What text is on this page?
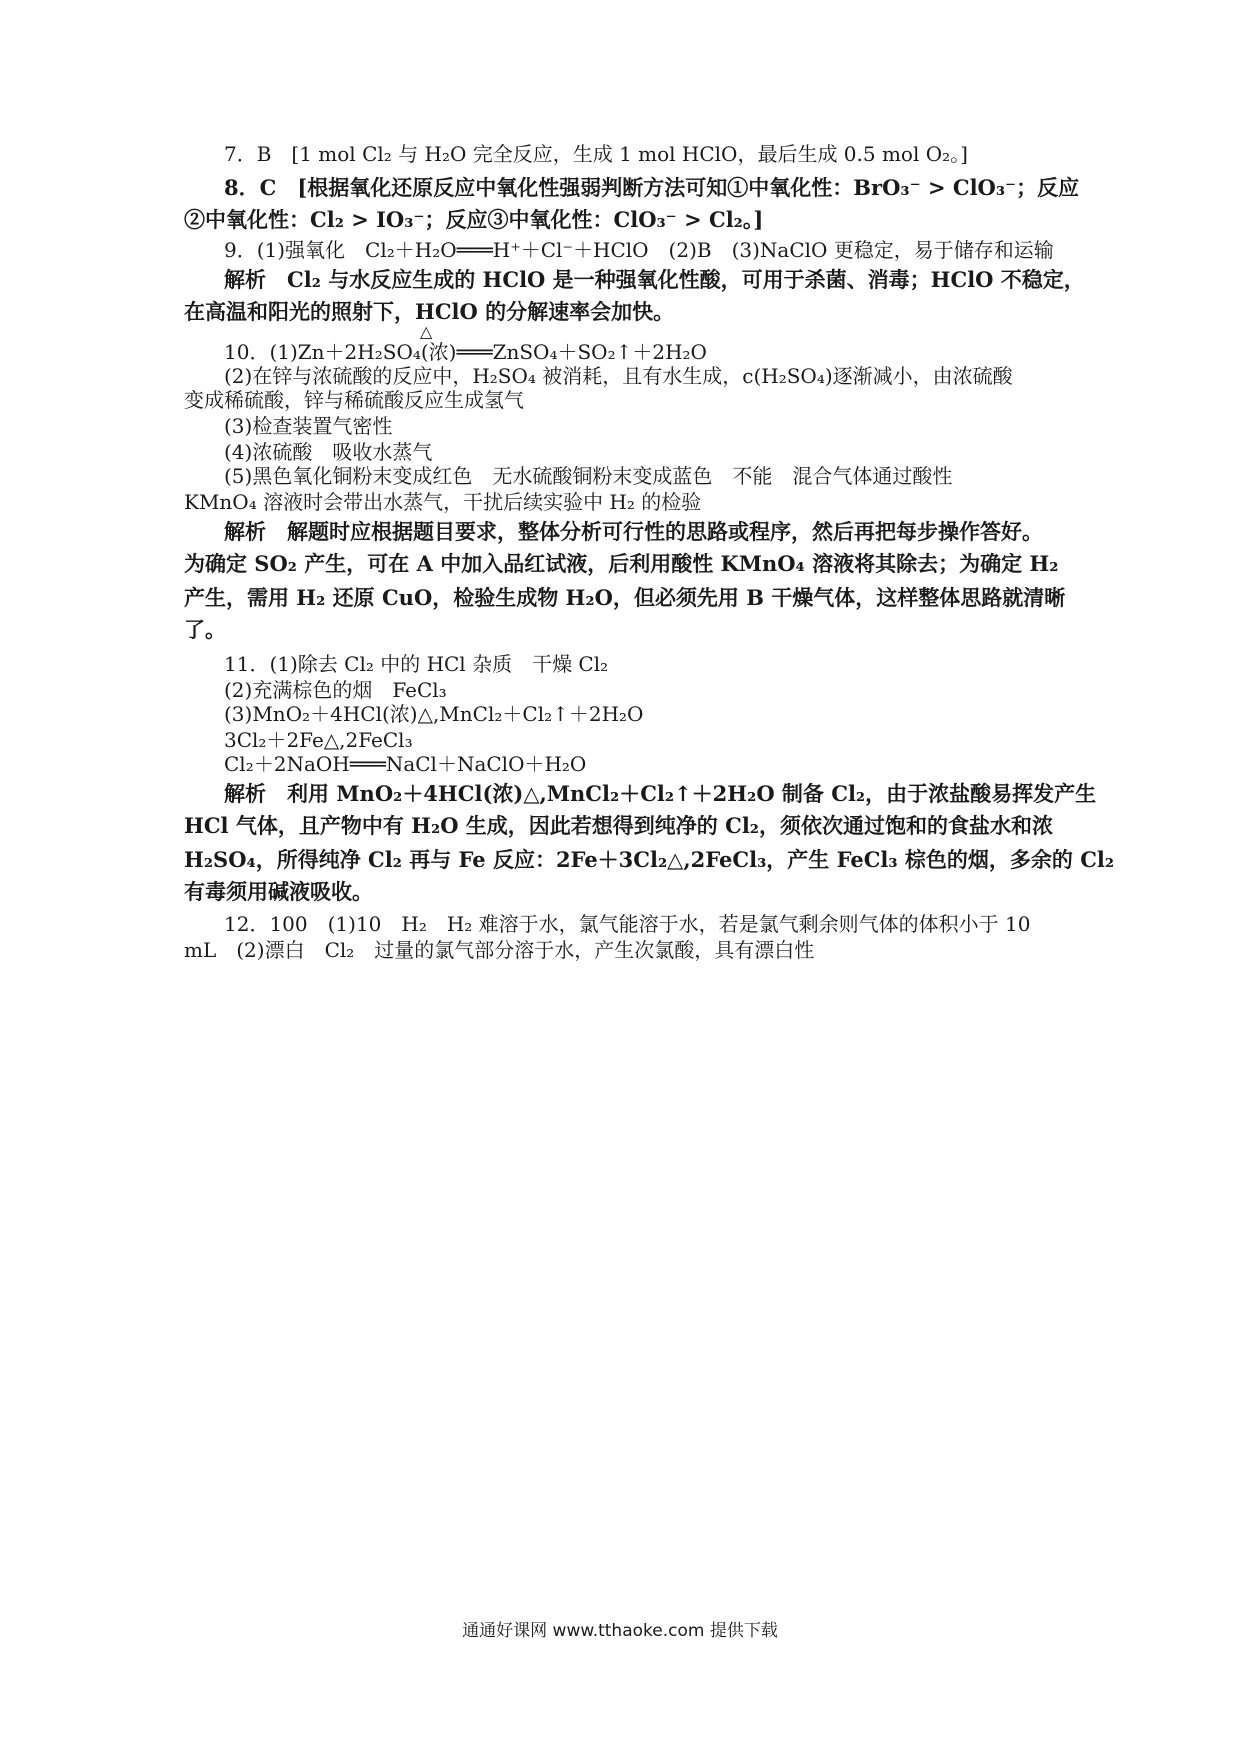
7．B　[1 mol Cl₂ 与 H₂O 完全反应，生成 1 mol HClO，最后生成 0.5 mol O₂。]
8．C　[根据氧化还原反应中氧化性强弱判断方法可知①中氧化性：BrO₃⁻ > ClO₃⁻；反应
②中氧化性：Cl₂ > IO₃⁻；反应③中氧化性：ClO₃⁻ > Cl₂。]
9．(1)强氧化　Cl₂＋H₂O═══H⁺＋Cl⁻＋HClO　(2)B　(3)NaClO 更稳定，易于储存和运输
解析　Cl₂ 与水反应生成的 HClO 是一种强氧化性酸，可用于杀菌、消毒；HClO 不稳定，
在高温和阳光的照射下，HClO 的分解速率会加快。
△
10．(1)Zn＋2H₂SO₄(浓)═══ZnSO₄＋SO₂↑＋2H₂O
(2)在锌与浓硫酸的反应中，H₂SO₄ 被消耗，且有水生成，c(H₂SO₄)逐渐减小，由浓硫酸
变成稀硫酸，锌与稀硫酸反应生成氢气
(3)检查装置气密性
(4)浓硫酸　吸收水蒸气
(5)黑色氧化铜粉末变成红色　无水硫酸铜粉末变成蓝色　不能　混合气体通过酸性
KMnO₄ 溶液时会带出水蒸气，干扰后续实验中 H₂ 的检验
解析　解题时应根据题目要求，整体分析可行性的思路或程序，然后再把每步操作答好。
为确定 SO₂ 产生，可在 A 中加入品红试液，后利用酸性 KMnO₄ 溶液将其除去；为确定 H₂
产生，需用 H₂ 还原 CuO，检验生成物 H₂O，但必须先用 B 干燥气体，这样整体思路就清晰
了。
11．(1)除去 Cl₂ 中的 HCl 杂质　干燥 Cl₂
(2)充满棕色的烟　FeCl₃
(3)MnO₂＋4HCl(浓)△,MnCl₂＋Cl₂↑＋2H₂O
3Cl₂＋2Fe△,2FeCl₃
Cl₂＋2NaOH═══NaCl＋NaClO＋H₂O
解析　利用 MnO₂＋4HCl(浓)△,MnCl₂＋Cl₂↑＋2H₂O 制备 Cl₂，由于浓盐酸易挥发产生
HCl 气体，且产物中有 H₂O 生成，因此若想得到纯净的 Cl₂，须依次通过饱和的食盐水和浓
H₂SO₄，所得纯净 Cl₂ 再与 Fe 反应：2Fe＋3Cl₂△,2FeCl₃，产生 FeCl₃ 棕色的烟，多余的 Cl₂
有毒须用碱液吸收。
12．100　(1)10　H₂　H₂ 难溶于水，氯气能溶于水，若是氯气剩余则气体的体积小于 10
mL　(2)漂白　Cl₂　过量的氯气部分溶于水，产生次氯酸，具有漂白性
通通好课网 www.tthaoke.com 提供下载
